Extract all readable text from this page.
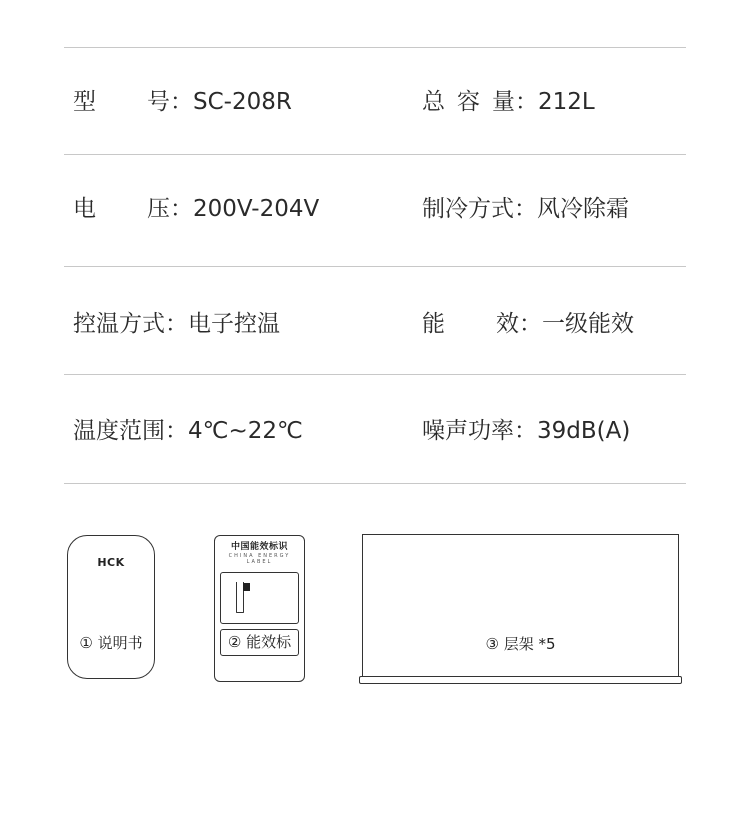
型 号：SC-208R	总 容 量：212L
电 压：200V-204V	制冷方式：风冷除霜
控温方式：电子控温	能 效：一级能效
温度范围：4℃~22℃	噪声功率：39dB(A)
HCK
① 说明书
中国能效标识
CHINA ENERGY LABEL
② 能效标	③ 层架 *5
